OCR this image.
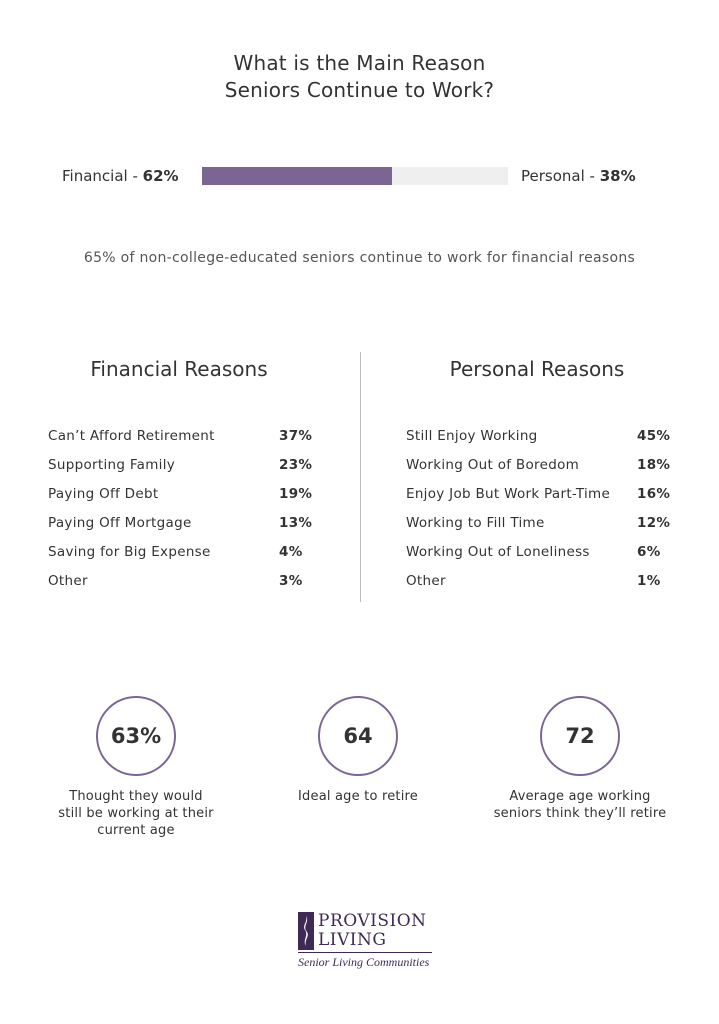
What is the Main Reason
Seniors Continue to Work?
Financial - 62%	Personal - 38%
65% of non-college-educated seniors continue to work for financial reasons
Financial Reasons	Personal Reasons
Can’t Afford Retirement	37%
Supporting Family	23%
Paying Off Debt	19%
Paying Off Mortgage	13%
Saving for Big Expense	4%
Other	3%
Still Enjoy Working	45%
Working Out of Boredom	18%
Enjoy Job But Work Part-Time 16%
Working to Fill Time	12%
Working Out of Loneliness	6%
Other	1%
63%
Thought they would
still be working at their
current age
64
Ideal age to retire
72
Average age working
seniors think they’ll retire
PROVISION
LIVING
Senior Living Communities
